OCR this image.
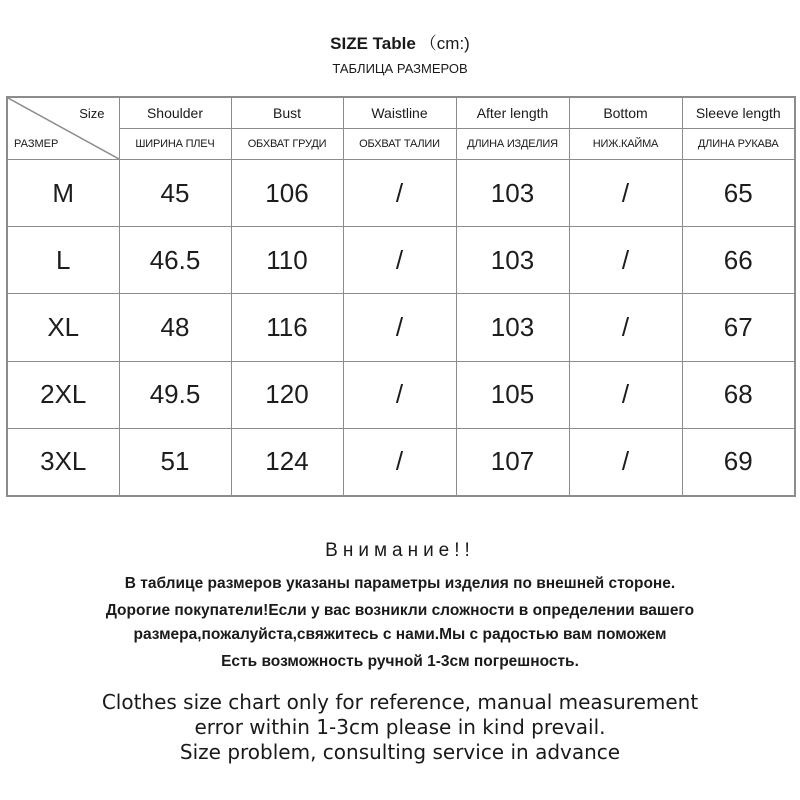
SIZE Table （cm:)
ТАБЛИЦА РАЗМЕРОВ
Size
РАЗМЕР	Shoulder	Bust	Waistline	After length	Bottom	Sleeve length
	ШИРИНА ПЛЕЧ	ОБХВАТ ГРУДИ	ОБХВАТ ТАЛИИ	ДЛИНА ИЗДЕЛИЯ	НИЖ.КАЙМА	ДЛИНА РУКАВА
M	45	106	/	103	/	65
L	46.5	110	/	103	/	66
XL	48	116	/	103	/	67
2XL	49.5	120	/	105	/	68
3XL	51	124	/	107	/	69
Внимание!!
В таблице размеров указаны параметры изделия по внешней стороне.
Дорогие покупатели!Если у вас возникли сложности в определении вашего
размера,пожалуйста,свяжитесь с нами.Мы с радостью вам поможем
Есть возможность ручной 1-3см погрешность.
Clothes size chart only for reference, manual measurement
error within 1-3cm please in kind prevail.
Size problem, consulting service in advance
